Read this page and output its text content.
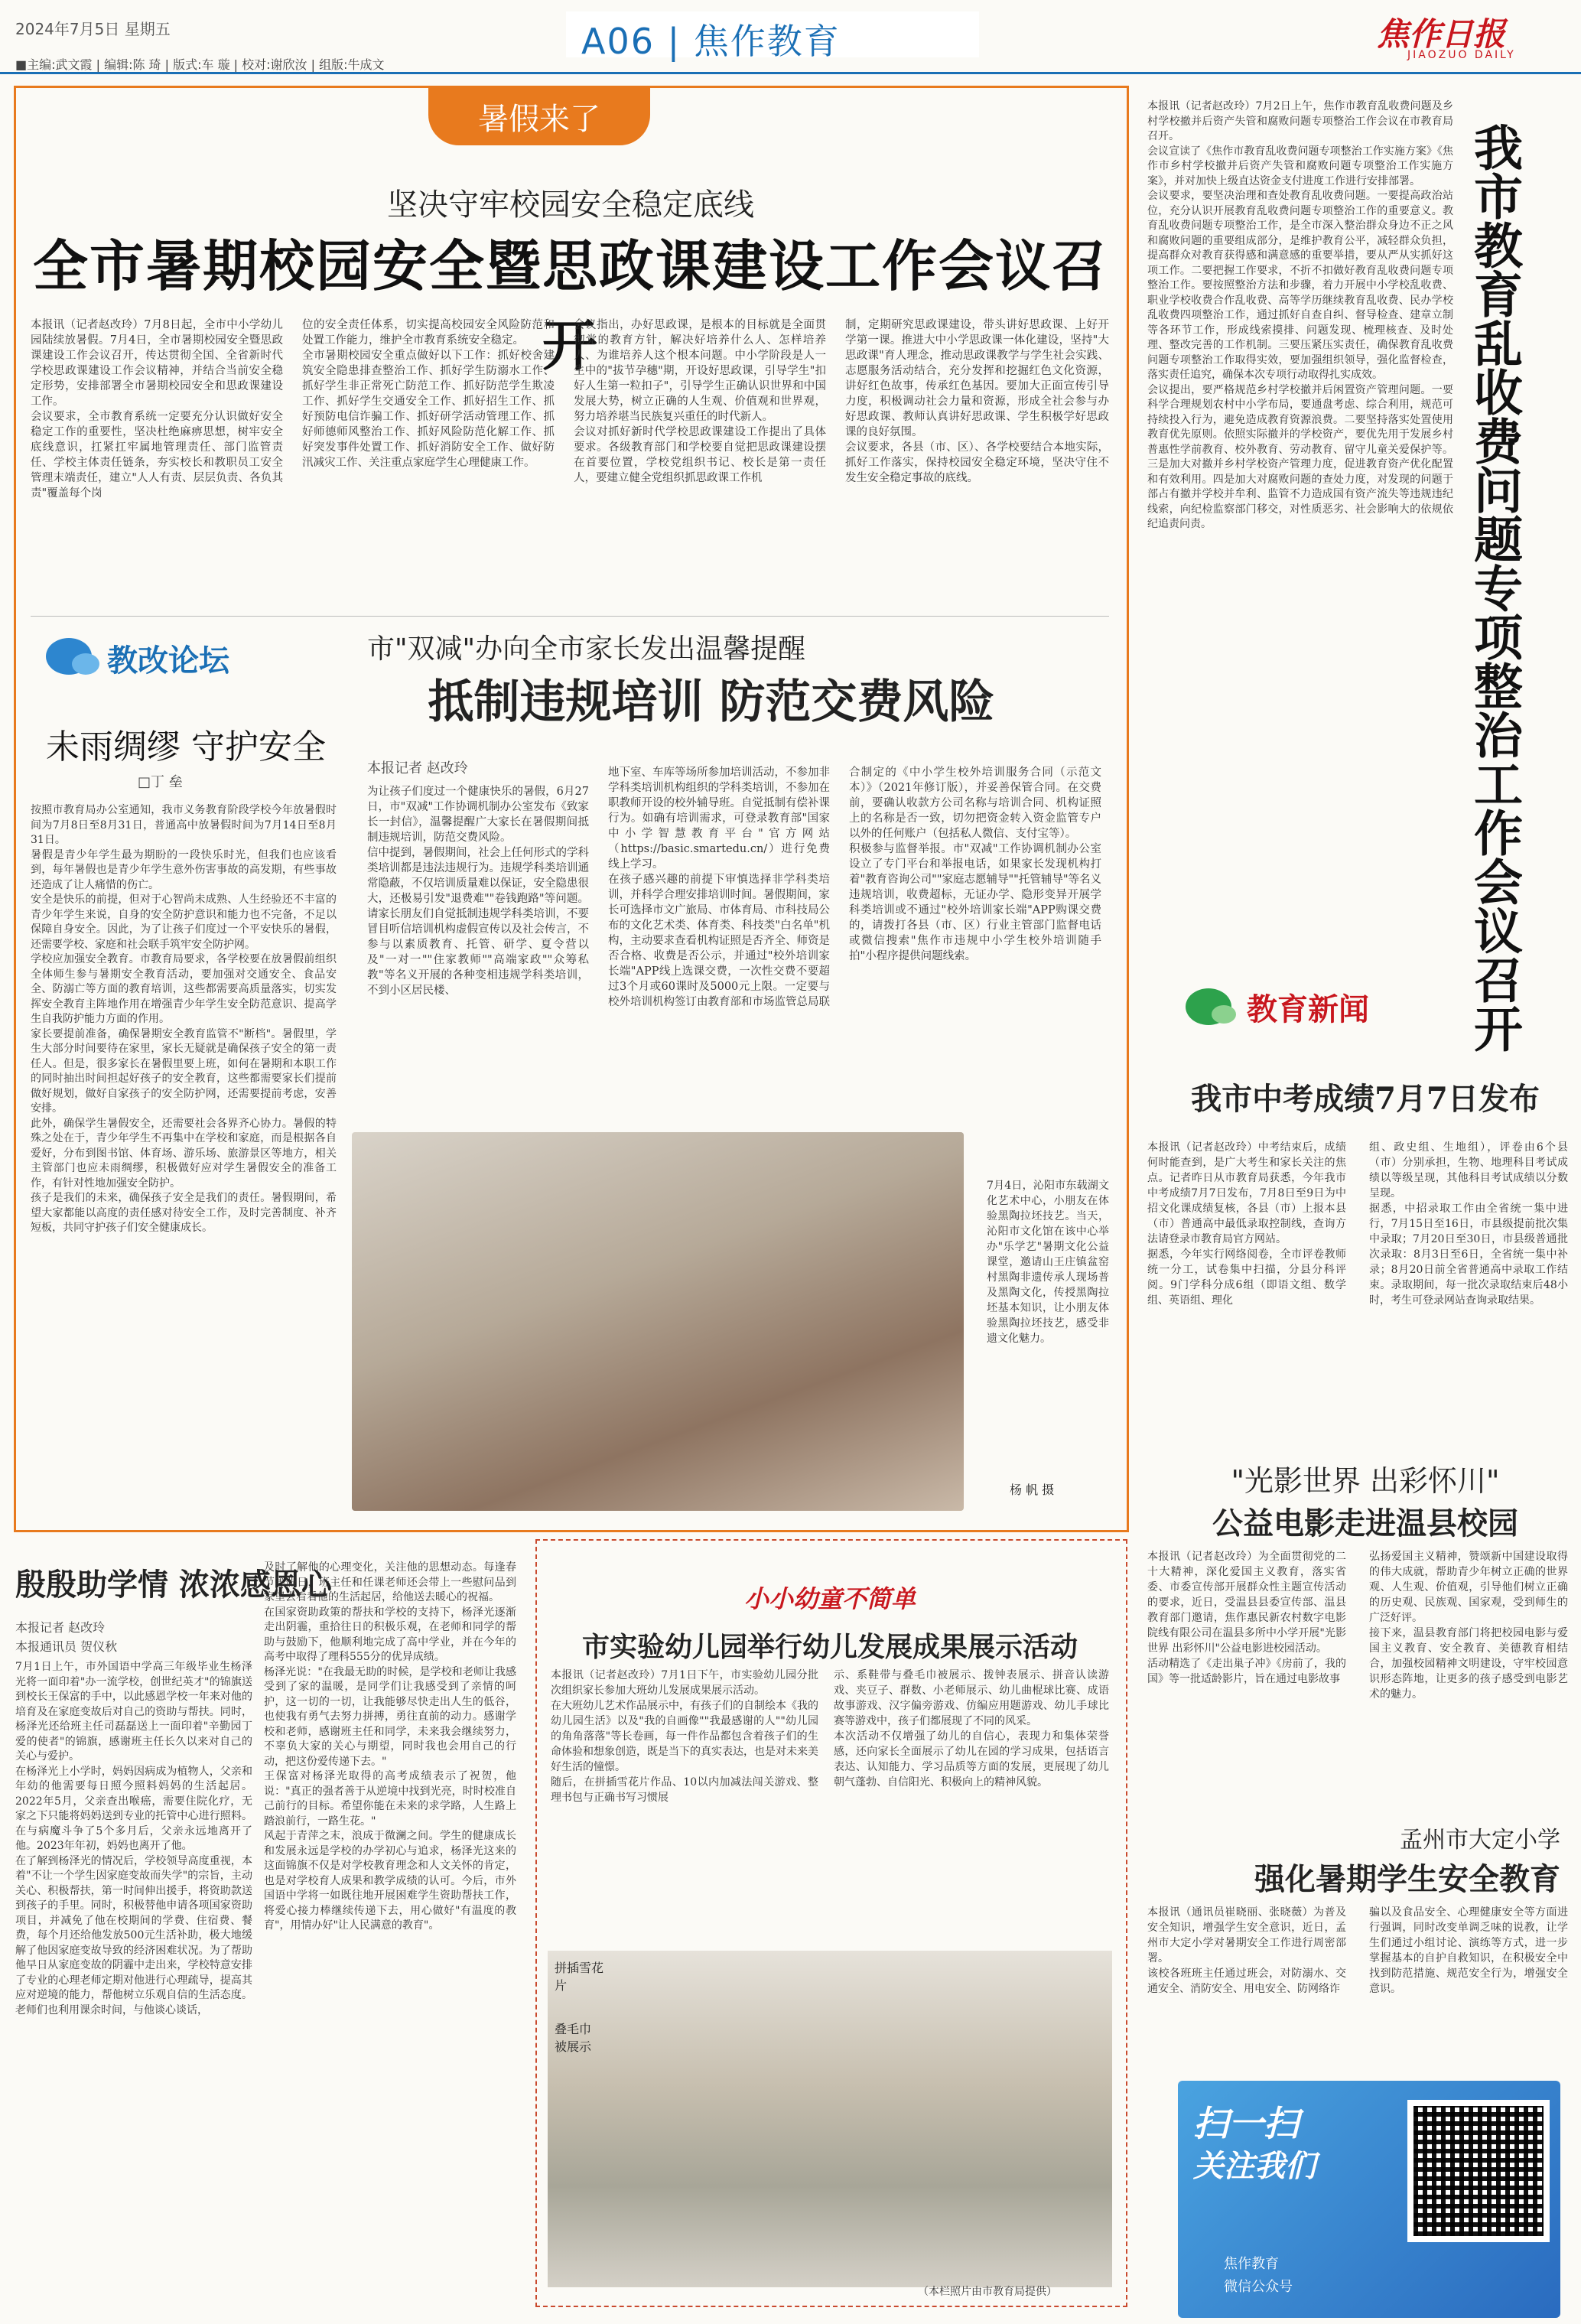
2024年7月5日 星期五	A06 | 焦作教育	焦作日报
JIAOZUO DAILY
■主编:武文霞 | 编辑:陈 琦 | 版式:车 璇 | 校对:谢欣汝 | 组版:牛成文
暑假来了
坚决守牢校园安全稳定底线
全市暑期校园安全暨思政课建设工作会议召开
本报讯（记者赵改玲）7月8日起，全市中小学幼儿园陆续放暑假。7月4日，全市暑期校园安全暨思政课建设工作会议召开，传达贯彻全国、全省新时代学校思政课建设工作会议精神，并结合当前安全稳定形势，安排部署全市暑期校园安全和思政课建设工作。
会议要求，全市教育系统一定要充分认识做好安全稳定工作的重要性，坚决杜绝麻痹思想，树牢安全底线意识，扛紧扛牢属地管理责任、部门监管责任、学校主体责任链条，夯实校长和教职员工安全管理末端责任，建立"人人有责、层层负责、各负其责"覆盖每个岗
位的安全责任体系，切实提高校园安全风险防范和处置工作能力，维护全市教育系统安全稳定。
全市暑期校园安全重点做好以下工作：抓好校舍建筑安全隐患排查整治工作、抓好学生防溺水工作、抓好学生非正常死亡防范工作、抓好防范学生欺凌工作、抓好学生交通安全工作、抓好招生工作、抓好预防电信诈骗工作、抓好研学活动管理工作、抓好师德师风整治工作、抓好风险防范化解工作、抓好突发事件处置工作、抓好消防安全工作、做好防汛减灾工作、关注重点家庭学生心理健康工作。
会议指出，办好思政课，是根本的目标就是全面贯彻党的教育方针，解决好培养什么人、怎样培养人、为谁培养人这个根本问题。中小学阶段是人一生中的"拔节孕穗"期，开设好思政课，引导学生"扣好人生第一粒扣子"，引导学生正确认识世界和中国发展大势，树立正确的人生观、价值观和世界观，努力培养堪当民族复兴重任的时代新人。
会议对抓好新时代学校思政课建设工作提出了具体要求。各级教育部门和学校要自觉把思政课建设摆在首要位置，学校党组织书记、校长是第一责任人，要建立健全党组织抓思政课工作机
制，定期研究思政课建设，带头讲好思政课、上好开学第一课。推进大中小学思政课一体化建设，坚持"大思政课"育人理念，推动思政课教学与学生社会实践、志愿服务活动结合，充分发挥和挖掘红色文化资源，讲好红色故事，传承红色基因。要加大正面宣传引导力度，积极调动社会力量和资源，形成全社会参与办好思政课、教师认真讲好思政课、学生积极学好思政课的良好氛围。
会议要求，各县（市、区）、各学校要结合本地实际，抓好工作落实，保持校园安全稳定环境，坚决守住不发生安全稳定事故的底线。
教改论坛
未雨绸缪 守护安全
□丁 垒
按照市教育局办公室通知，我市义务教育阶段学校今年放暑假时间为7月8日至8月31日，普通高中放暑假时间为7月14日至8月31日。
暑假是青少年学生最为期盼的一段快乐时光，但我们也应该看到，每年暑假也是青少年学生意外伤害事故的高发期，有些事故还造成了让人痛惜的伤亡。
安全是快乐的前提，但对于心智尚未成熟、人生经验还不丰富的青少年学生来说，自身的安全防护意识和能力也不完备，不足以保障自身安全。因此，为了让孩子们度过一个平安快乐的暑假，还需要学校、家庭和社会联手筑牢安全防护网。
学校应加强安全教育。市教育局要求，各学校要在放暑假前组织全体师生参与暑期安全教育活动，要加强对交通安全、食品安全、防溺亡等方面的教育培训，这些都需要高质量落实，切实发挥安全教育主阵地作用在增强青少年学生安全防范意识、提高学生自我防护能力方面的作用。
家长要提前准备，确保暑期安全教育监管不"断档"。暑假里，学生大部分时间要待在家里，家长无疑就是确保孩子安全的第一责任人。但是，很多家长在暑假里要上班，如何在暑期和本职工作的同时抽出时间担起好孩子的安全教育，这些都需要家长们提前做好规划，做好自家孩子的安全防护网，还需要提前考虑，安善安排。
此外，确保学生暑假安全，还需要社会各界齐心协力。暑假的特殊之处在于，青少年学生不再集中在学校和家庭，而是根据各自爱好，分布到图书馆、体育场、游乐场、旅游景区等地方，相关主管部门也应未雨绸缪，积极做好应对学生暑假安全的准备工作，有针对性地加强安全防护。
孩子是我们的未来，确保孩子安全是我们的责任。暑假期间，希望大家都能以高度的责任感对待安全工作，及时完善制度、补齐短板，共同守护孩子们安全健康成长。
市"双减"办向全市家长发出温馨提醒
抵制违规培训 防范交费风险
本报记者 赵改玲
为让孩子们度过一个健康快乐的暑假，6月27日，市"双减"工作协调机制办公室发布《致家长一封信》，温馨提醒广大家长在暑假期间抵制违规培训，防范交费风险。
信中提到，暑假期间，社会上任何形式的学科类培训都是违法违规行为。违规学科类培训通常隐蔽，不仅培训质量难以保证，安全隐患很大，还极易引发"退费难""卷钱跑路"等问题。请家长朋友们自觉抵制违规学科类培训，不要冒目听信培训机构虚假宣传以及社会传言，不参与以素质教育、托管、研学、夏令营以及"一对一""住家教师""高端家政""众筹私教"等名义开展的各种变相违规学科类培训，不到小区居民楼、
地下室、车库等场所参加培训活动，不参加非学科类培训机构组织的学科类培训，不参加在职教师开设的校外辅导班。自觉抵制有偿补课行为。如确有培训需求，可登录教育部"国家中小学智慧教育平台"官方网站（https://basic.smartedu.cn/）进行免费线上学习。
在孩子感兴趣的前提下审慎选择非学科类培训，并科学合理安排培训时间。暑假期间，家长可选择市文广旅局、市体育局、市科技局公布的文化艺术类、体育类、科技类"白名单"机构，主动要求查看机构证照是否齐全、师资是否合格、收费是否公示，并通过"校外培训家长端"APP线上选课交费，一次性交费不要超过3个月或60课时及5000元上限。一定要与校外培训机构签订由教育部和市场监管总局联
合制定的《中小学生校外培训服务合同（示范文本）》（2021年修订版），并妥善保管合同。在交费前，要确认收款方公司名称与培训合同、机构证照上的名称是否一致，切勿把资金转入资金监管专户以外的任何账户（包括私人微信、支付宝等）。
积极参与监督举报。市"双减"工作协调机制办公室设立了专门平台和举报电话，如果家长发现机构打着"教育咨询公司""家庭志愿辅导""托管辅导"等名义违规培训，收费超标，无证办学、隐形变异开展学科类培训或不通过"校外培训家长端"APP购课交费的，请拨打各县（市、区）行业主管部门监督电话或微信搜索"焦作市违规中小学生校外培训随手拍"小程序提供问题线索。
7月4日，沁阳市东载湖文化艺术中心，小朋友在体验黑陶拉坯技艺。当天，沁阳市文化馆在该中心举办"乐学艺"暑期文化公益课堂，邀请山王庄镇盆窑村黑陶非遗传承人现场普及黑陶文化，传授黑陶拉坯基本知识，让小朋友体验黑陶拉坯技艺，感受非遗文化魅力。
杨 帆 摄
本报讯（记者赵改玲）7月2日上午，焦作市教育乱收费问题及乡村学校撤并后资产失管和腐败问题专项整治工作会议在市教育局召开。
会议宣读了《焦作市教育乱收费问题专项整治工作实施方案》《焦作市乡村学校撤并后资产失管和腐败问题专项整治工作实施方案》，并对加快上级直达资金支付进度工作进行安排部署。
会议要求，要坚决治理和查处教育乱收费问题。一要提高政治站位，充分认识开展教育乱收费问题专项整治工作的重要意义。教育乱收费问题专项整治工作，是全市深入整治群众身边不正之风和腐败问题的重要组成部分，是维护教育公平，减轻群众负担，提高群众对教育获得感和满意感的重要举措，要从严从实抓好这项工作。二要把握工作要求，不折不扣做好教育乱收费问题专项整治工作。要按照整治方法和步骤，着力开展中小学校乱收费、职业学校收费合作乱收费、高等学历继续教育乱收费、民办学校乱收费四项整治工作，通过抓好自查自纠、督导检查、建章立制等各环节工作，形成线索摸排、问题发现、梳理核查、及时处理、整改完善的工作机制。三要压紧压实责任，确保教育乱收费问题专项整治工作取得实效，要加强组织领导，强化监督检查，落实责任追究，确保本次专项行动取得扎实成效。
会议提出，要严格规范乡村学校撤并后闲置资产管理问题。一要科学合理规划农村中小学布局，要通盘考虑、综合利用，规范可持续投入行为，避免造成教育资源浪费。二要坚持落实处置使用教育优先原则。依照实际撤并的学校资产，要优先用于发展乡村普惠性学前教育、校外教育、劳动教育、留守儿童关爱保护等。三是加大对撤并乡村学校资产管理力度，促进教育资产优化配置和有效利用。四是加大对腐败问题的查处力度，对发现的问题于部占有撤并学校并牟利、监管不力造成国有资产流失等违规违纪线索，向纪检监察部门移交，对性质恶劣、社会影响大的依规依纪追责问责。	我市教育乱收费问题专项整治工作会议召开
教育新闻
我市中考成绩7月7日发布
本报讯（记者赵改玲）中考结束后，成绩何时能查到，是广大考生和家长关注的焦点。记者昨日从市教育局获悉，今年我市中考成绩7月7日发布，7月8日至9日为中招文化课成绩复核，各县（市）上报本县（市）普通高中最低录取控制线，查询方法请登录市教育局官方网站。
据悉，今年实行网络阅卷，全市评卷教师统一分工，试卷集中扫描，分县分科评阅。9门学科分成6组（即语文组、数学组、英语组、理化
组、政史组、生地组），评卷由6个县（市）分别承担，生物、地理科目考试成绩以等级呈现，其他科目考试成绩以分数呈现。
据悉，中招录取工作由全省统一集中进行，7月15日至16日，市县级提前批次集中录取；7月20日至30日，市县级普通批次录取：8月3日至6日，全省统一集中补录；8月20日前全省普通高中录取工作结束。录取期间，每一批次录取结束后48小时，考生可登录网站查询录取结果。
"光影世界 出彩怀川"
公益电影走进温县校园
本报讯（记者赵改玲）为全面贯彻党的二十大精神，深化爱国主义教育，落实省委、市委宣传部开展群众性主题宣传活动的要求，近日，受温县县委宣传部、温县教育部门邀请，焦作惠民新农村数字电影院线有限公司在温县多所中小学开展"光影世界 出彩怀川"公益电影进校园活动。
活动精选了《走出巢子冲》《房前了，我的国》等一批适龄影片，旨在通过电影故事
弘扬爱国主义精神，赞颂新中国建设取得的伟大成就，帮助青少年树立正确的世界观、人生观、价值观，引导他们树立正确的历史观、民族观、国家观，受到师生的广泛好评。
接下来，温县教育部门将把校园电影与爱国主义教育、安全教育、美德教育相结合，加强校园精神文明建设，守牢校园意识形态阵地，让更多的孩子感受到电影艺术的魅力。
孟州市大定小学
强化暑期学生安全教育
本报讯（通讯员崔晓丽、张晓薇）为普及安全知识，增强学生安全意识，近日，孟州市大定小学对暑期安全工作进行周密部署。
该校各班班主任通过班会，对防溺水、交通安全、消防安全、用电安全、防网络诈
骗以及食品安全、心理健康安全等方面进行强调，同时改变单调乏味的说教，让学生们通过小组讨论、演练等方式，进一步掌握基本的自护自救知识，在积极安全中找到防范措施、规范安全行为，增强安全意识。
扫一扫
关注我们
焦作教育
微信公众号
殷殷助学情 浓浓感恩心
本报记者 赵改玲
本报通讯员 贺仪秋
7月1日上午，市外国语中学高三年级毕业生杨泽光将一面印着"办一流学校，创世纪英才"的锦旗送到校长王保富的手中，以此感恩学校一年来对他的培育及在家庭变故后对自己的资助与帮扶。同时，杨泽光还给班主任司磊磊送上一面印着"辛勤园丁  爱的使者"的锦旗，感谢班主任长久以来对自己的关心与爱护。
在杨泽光上小学时，妈妈因病成为植物人，父亲和年幼的他需要每日照今照料妈妈的生活起居。2022年5月，父亲查出喉癌，需要住院化疗，无家之下只能将妈妈送到专业的托管中心进行照料。在与病魔斗争了5个多月后，父亲永远地离开了他。2023年年初，妈妈也离开了他。
在了解到杨泽光的情况后，学校领导高度重视，本着"不让一个学生因家庭变故而失学"的宗旨，主动关心、积极帮扶，第一时间伸出援手，将资助款送到孩子的手里。同时，积极替他申请各项国家资助项目，并减免了他在校期间的学费、住宿费、餐费，每个月还给他发放500元生活补助，极大地缓解了他因家庭变故导致的经济困难状况。为了帮助他早日从家庭变故的阴霾中走出来，学校特意安排了专业的心理老师定期对他进行心理疏导，提高其应对逆境的能力，帮他树立乐观自信的生活态度。老师们也利用课余时间，与他谈心谈话，
及时了解他的心理变化，关注他的思想动态。每逢春节等假日，班主任和任课老师还会带上一些慰问品到家里去看看他的生活起居，给他送去暖心的祝福。
在国家资助政策的帮扶和学校的支持下，杨泽光逐渐走出阴霾，重拾往日的积极乐观，在老师和同学的帮助与鼓励下，他顺利地完成了高中学业，并在今年的高考中取得了理科555分的优异成绩。
杨泽光说："在我最无助的时候，是学校和老师让我感受到了家的温暖，是同学们让我感受到了亲情的呵护，这一切的一切，让我能够尽快走出人生的低谷，也使我有勇气去努力拼搏，勇往直前的动力。感谢学校和老师，感谢班主任和同学，未来我会继续努力，不辜负大家的关心与期望，同时我也会用自己的行动，把这份爱传递下去。"
王保富对杨泽光取得的高考成绩表示了祝贺，他说："真正的强者善于从逆境中找到光亮，时时校准自己前行的目标。希望你能在未来的求学路，人生路上踏浪前行，一路生花。"
风起于青萍之末，浪成于微澜之间。学生的健康成长和发展永远是学校的办学初心与追求，杨泽光这来的这面锦旗不仅是对学校教育理念和人文关怀的肯定，也是对学校育人成果和教学成绩的认可。今后，市外国语中学将一如既往地开展困难学生资助帮扶工作，将爱心接力棒继续传递下去，用心做好"有温度的教育"，用情办好"让人民满意的教育"。
小小幼童不简单
市实验幼儿园举行幼儿发展成果展示活动
本报讯（记者赵改玲）7月1日下午，市实验幼儿园分批次组织家长参加大班幼儿发展成果展示活动。
在大班幼儿艺术作品展示中，有孩子们的自制绘本《我的幼儿园生活》以及"我的自画像""我最感谢的人""幼儿园的角角落落"等长卷画，每一件作品都包含着孩子们的生命体验和想象创造，既是当下的真实表达，也是对未来美好生活的憧憬。
随后，在拼插雪花片作品、10以内加减法闯关游戏、整理书包与正确书写习惯展
示、系鞋带与叠毛巾被展示、拨钟表展示、拼音认读游戏、夹豆子、群数、小老师展示、幼儿曲棍球比赛、成语故事游戏、汉字偏旁游戏、仿编应用题游戏、幼儿手球比赛等游戏中，孩子们都展现了不同的风采。
本次活动不仅增强了幼儿的自信心，表现力和集体荣誉感，还向家长全面展示了幼儿在园的学习成果，包括语言表达、认知能力、学习品质等方面的发展，更展现了幼儿朝气蓬勃、自信阳光、积极向上的精神风貌。
拼插雪花片
叠毛巾被展示
（本栏照片由市教育局提供）
